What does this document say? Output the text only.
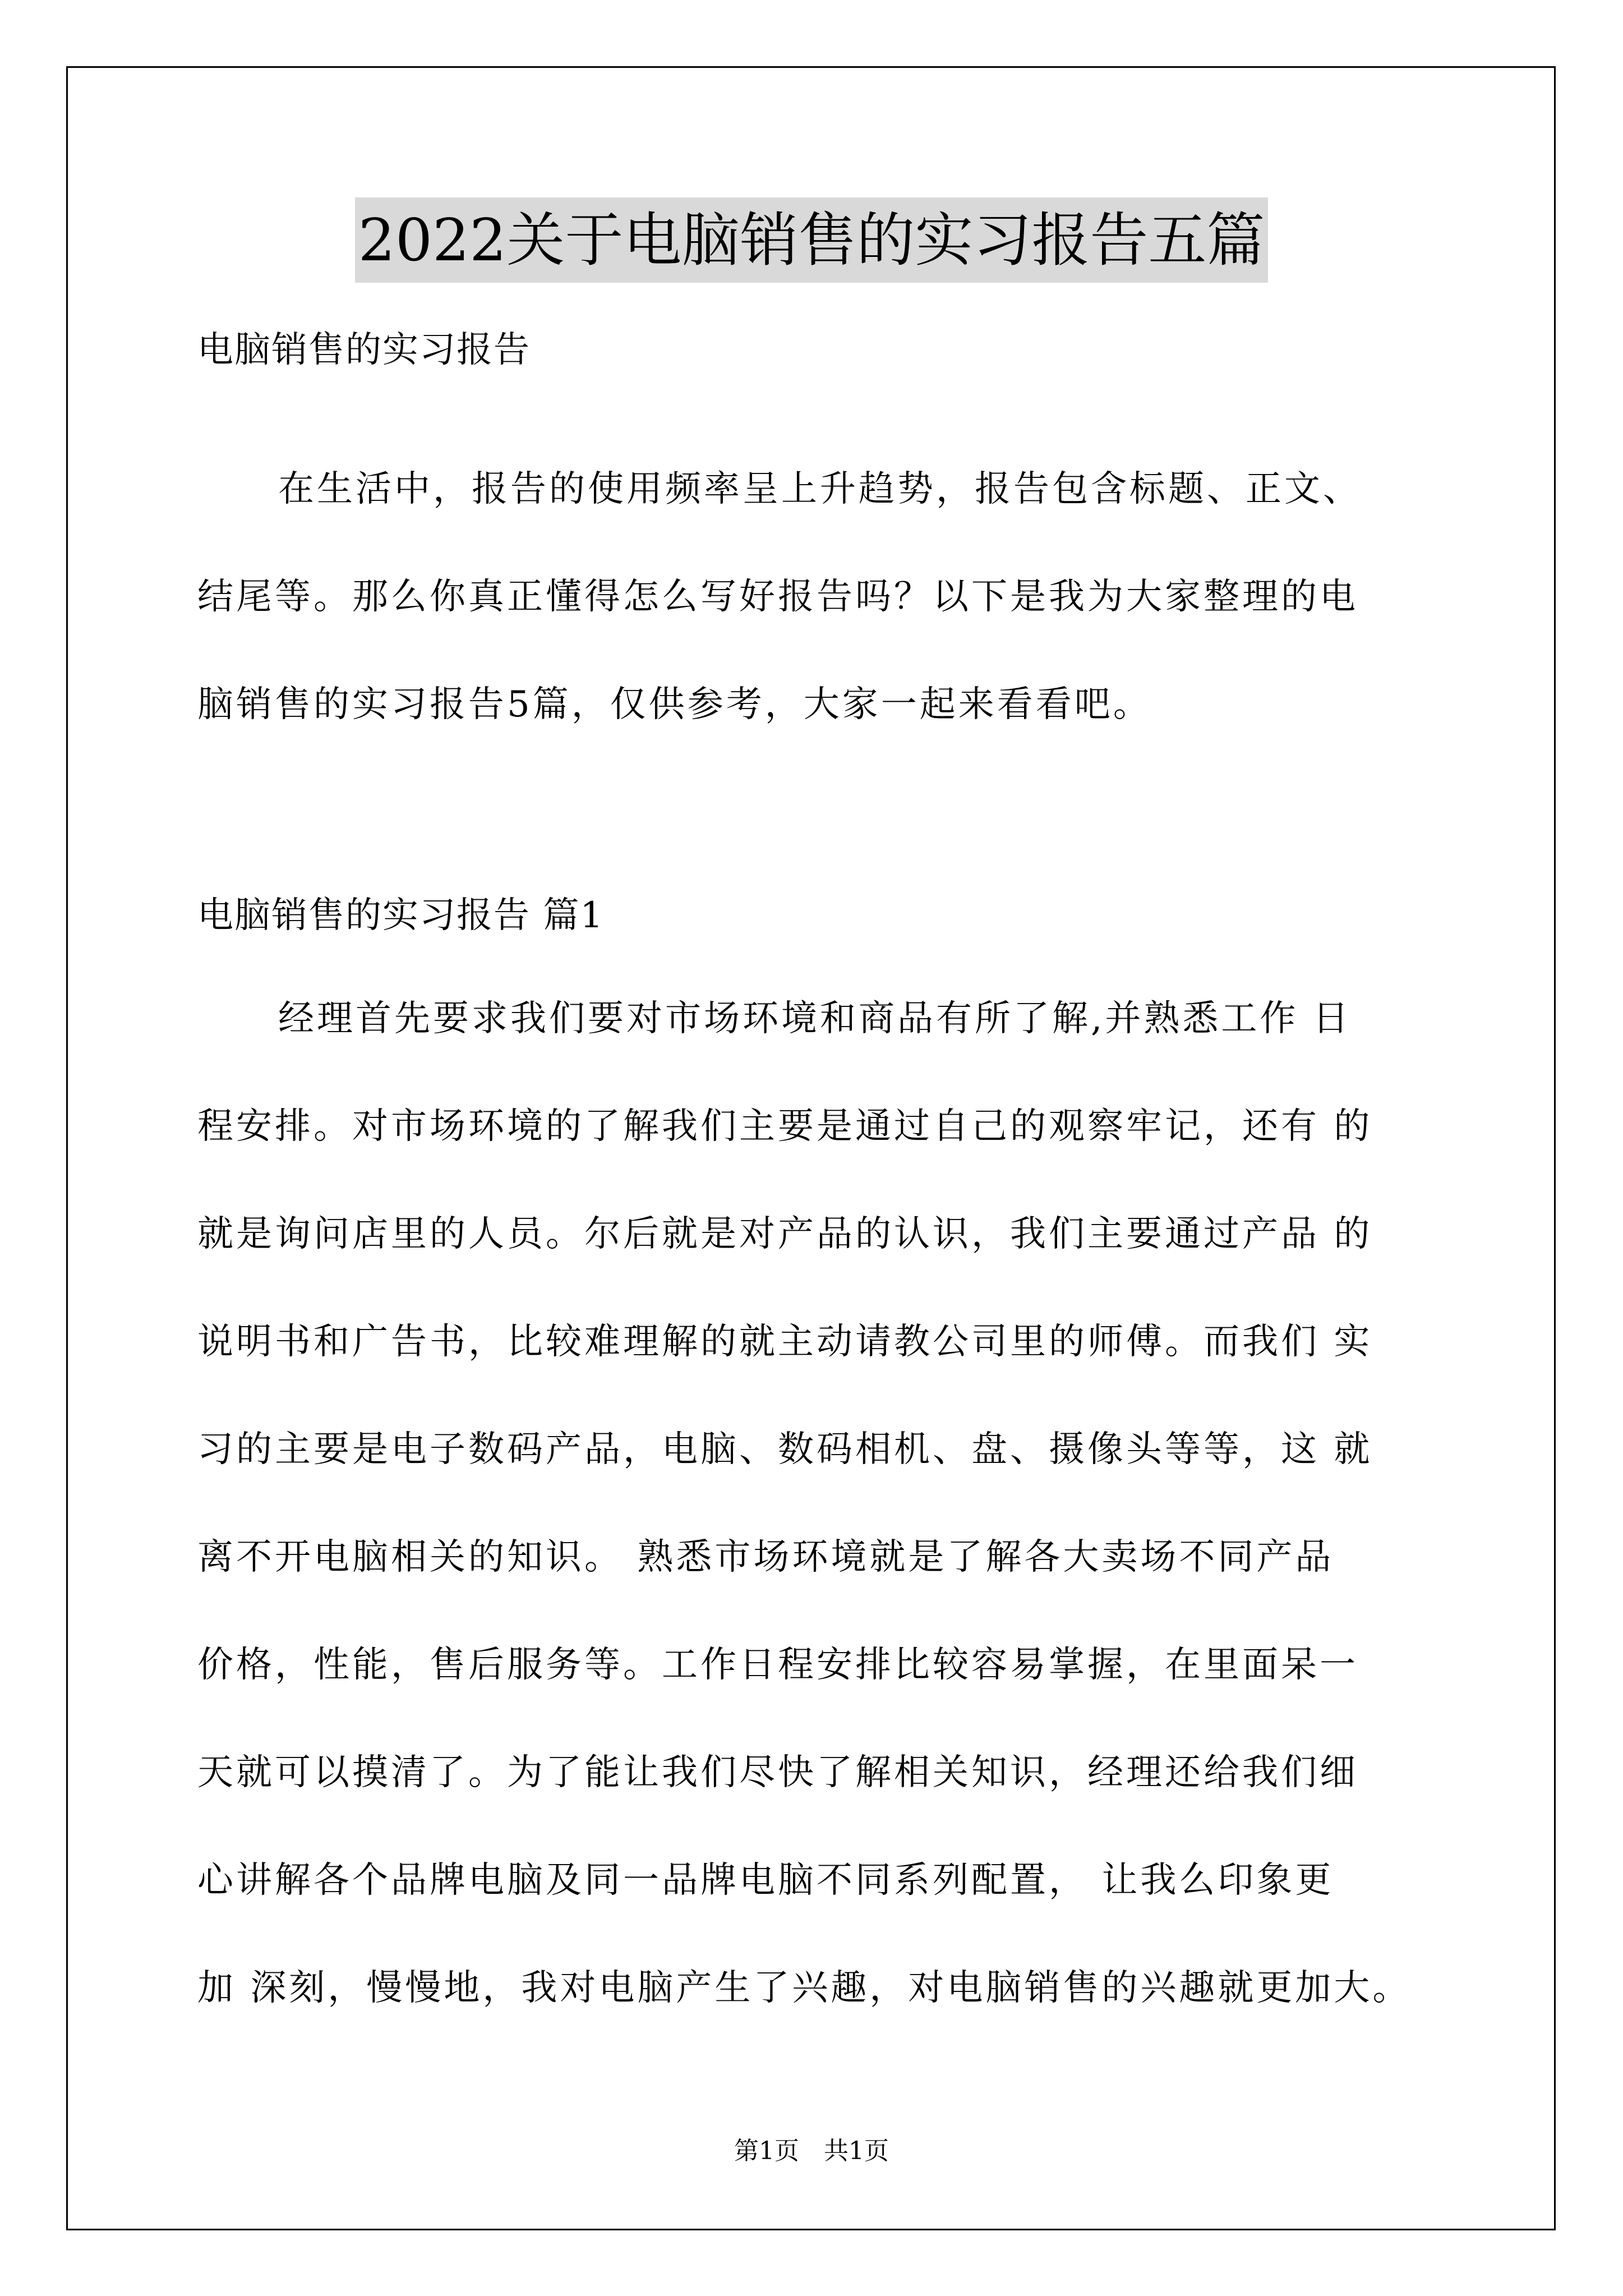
2022关于电脑销售的实习报告五篇
电脑销售的实习报告
在生活中，报告的使用频率呈上升趋势，报告包含标题、正文、
结尾等。那么你真正懂得怎么写好报告吗？以下是我为大家整理的电
脑销售的实习报告5篇，仅供参考，大家一起来看看吧。
电脑销售的实习报告 篇1
经理首先要求我们要对市场环境和商品有所了解,并熟悉工作 日
程安排。对市场环境的了解我们主要是通过自己的观察牢记，还有 的
就是询问店里的人员。尔后就是对产品的认识，我们主要通过产品 的
说明书和广告书，比较难理解的就主动请教公司里的师傅。而我们 实
习的主要是电子数码产品，电脑、数码相机、盘、摄像头等等，这 就
离不开电脑相关的知识。 熟悉市场环境就是了解各大卖场不同产品
价格，性能，售后服务等。工作日程安排比较容易掌握，在里面呆一
天就可以摸清了。为了能让我们尽快了解相关知识，经理还给我们细
心讲解各个品牌电脑及同一品牌电脑不同系列配置， 让我么印象更
加 深刻，慢慢地，我对电脑产生了兴趣，对电脑销售的兴趣就更加大。
第1页　共1页
